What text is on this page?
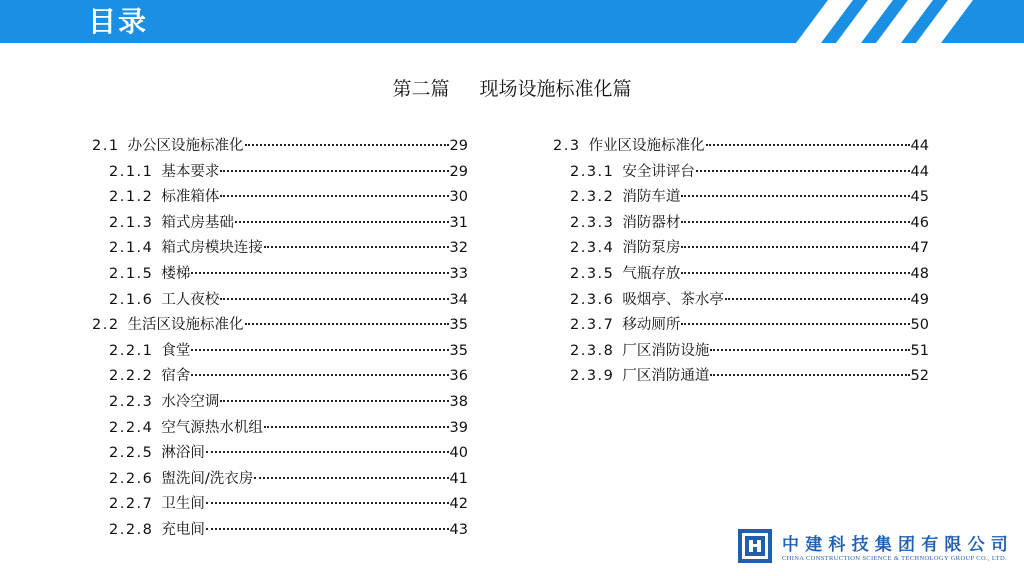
目录
第二篇 现场设施标准化篇
2.1 办公区设施标准化	29
2.1.1 基本要求	29
2.1.2 标准箱体	30
2.1.3 箱式房基础	31
2.1.4 箱式房模块连接	32
2.1.5 楼梯	33
2.1.6 工人夜校	34
2.2 生活区设施标准化	35
2.2.1 食堂	35
2.2.2 宿舍	36
2.2.3 水冷空调	38
2.2.4 空气源热水机组	39
2.2.5 淋浴间	40
2.2.6 盥洗间/洗衣房	41
2.2.7 卫生间	42
2.2.8 充电间	43
2.3 作业区设施标准化	44
2.3.1 安全讲评台	44
2.3.2 消防车道	45
2.3.3 消防器材	46
2.3.4 消防泵房	47
2.3.5 气瓶存放	48
2.3.6 吸烟亭、茶水亭	49
2.3.7 移动厕所	50
2.3.8 厂区消防设施	51
2.3.9 厂区消防通道	52
中建科技集团有限公司
CHINA CONSTRUCTION SCIENCE & TECHNOLOGY GROUP CO., LTD.
